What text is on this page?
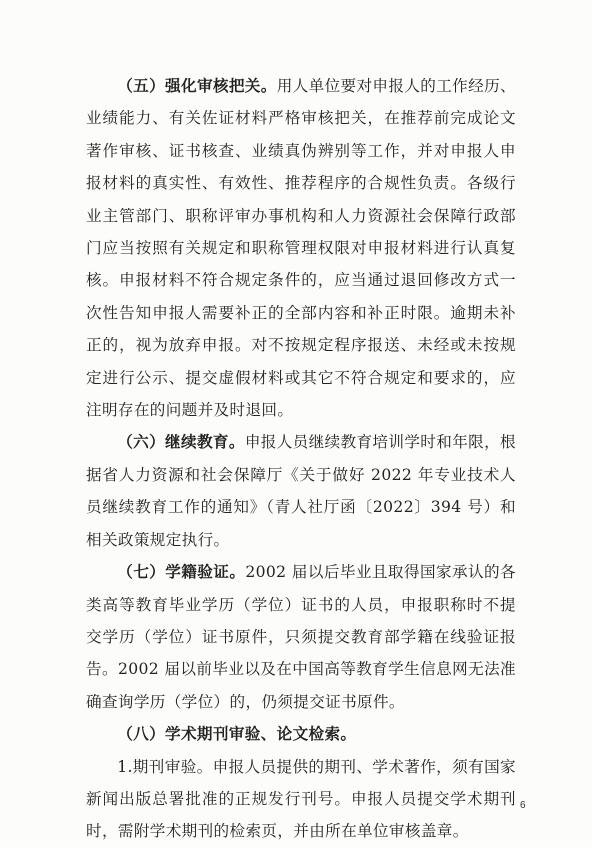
（五）强化审核把关。用人单位要对申报人的工作经历、业绩能力、有关佐证材料严格审核把关，在推荐前完成论文著作审核、证书核查、业绩真伪辨别等工作，并对申报人申报材料的真实性、有效性、推荐程序的合规性负责。各级行业主管部门、职称评审办事机构和人力资源社会保障行政部门应当按照有关规定和职称管理权限对申报材料进行认真复核。申报材料不符合规定条件的，应当通过退回修改方式一次性告知申报人需要补正的全部内容和补正时限。逾期未补正的，视为放弃申报。对不按规定程序报送、未经或未按规定进行公示、提交虚假材料或其它不符合规定和要求的，应注明存在的问题并及时退回。

（六）继续教育。申报人员继续教育培训学时和年限，根据省人力资源和社会保障厅《关于做好 2022 年专业技术人员继续教育工作的通知》（青人社厅函〔2022〕394 号）和相关政策规定执行。

（七）学籍验证。2002 届以后毕业且取得国家承认的各类高等教育毕业学历（学位）证书的人员，申报职称时不提交学历（学位）证书原件，只须提交教育部学籍在线验证报告。2002 届以前毕业以及在中国高等教育学生信息网无法准确查询学历（学位）的，仍须提交证书原件。

（八）学术期刊审验、论文检索。

1.期刊审验。申报人员提供的期刊、学术著作，须有国家新闻出版总署批准的正规发行刊号。申报人员提交学术期刊时，需附学术期刊的检索页，并由所在单位审核盖章。

6
